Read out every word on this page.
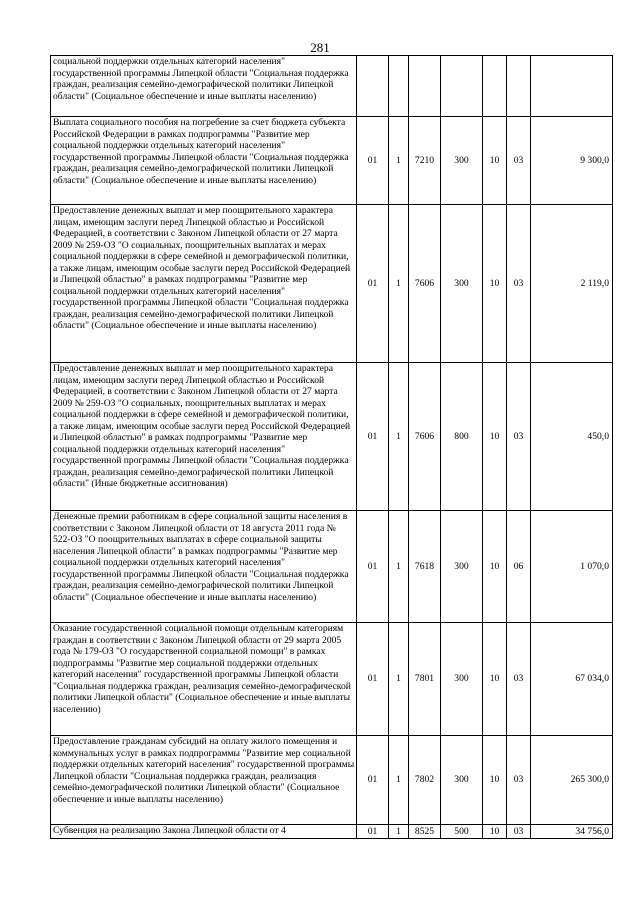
281
социальной поддержки отдельных категорий населения" государственной программы Липецкой области "Социальная поддержка граждан, реализация семейно-демографической политики Липецкой области" (Социальное обеспечение и иные выплаты населению)							
Выплата социального пособия на погребение за счет бюджета субъекта Российской Федерации в рамках подпрограммы "Развитие мер социальной поддержки отдельных категорий населения" государственной программы Липецкой области "Социальная поддержка граждан, реализация семейно-демографической политики Липецкой области" (Социальное обеспечение и иные выплаты населению)	01	1	7210	300	10	03	9 300,0
Предоставление денежных выплат и мер поощрительного характера лицам, имеющим заслуги перед Липецкой областью и Российской Федерацией, в соответствии с Законом Липецкой области от 27 марта 2009 № 259-ОЗ "О социальных, поощрительных выплатах и мерах социальной поддержки в сфере семейной и демографической политики, а также лицам, имеющим особые заслуги перед Российской Федерацией и Липецкой областью" в рамках подпрограммы "Развитие мер социальной поддержки отдельных категорий населения" государственной программы Липецкой области "Социальная поддержка граждан, реализация семейно-демографической политики Липецкой области" (Социальное обеспечение и иные выплаты населению)	01	1	7606	300	10	03	2 119,0
Предоставление денежных выплат и мер поощрительного характера лицам, имеющим заслуги перед Липецкой областью и Российской Федерацией, в соответствии с Законом Липецкой области от 27 марта 2009 № 259-ОЗ "О социальных, поощрительных выплатах и мерах социальной поддержки в сфере семейной и демографической политики, а также лицам, имеющим особые заслуги перед Российской Федерацией и Липецкой областью" в рамках подпрограммы "Развитие мер социальной поддержки отдельных категорий населения" государственной программы Липецкой области "Социальная поддержка граждан, реализация семейно-демографической политики Липецкой области" (Иные бюджетные ассигнования)	01	1	7606	800	10	03	450,0
Денежные премии работникам в сфере социальной защиты населения в соответствии с Законом Липецкой области от 18 августа 2011 года № 522-ОЗ "О поощрительных выплатах в сфере социальной защиты населения Липецкой области" в рамках подпрограммы "Развитие мер социальной поддержки отдельных категорий населения" государственной программы Липецкой области "Социальная поддержка граждан, реализация семейно-демографической политики Липецкой области" (Социальное обеспечение и иные выплаты населению)	01	1	7618	300	10	06	1 070,0
Оказание государственной социальной помощи отдельным категориям граждан в соответствии с Законом Липецкой области от 29 марта 2005 года № 179-ОЗ "О государственной социальной помощи" в рамках подпрограммы "Развитие мер социальной поддержки отдельных категорий населения" государственной программы Липецкой области "Социальная поддержка граждан, реализация семейно-демографической политики Липецкой области" (Социальное обеспечение и иные выплаты населению)	01	1	7801	300	10	03	67 034,0
Предоставление гражданам субсидий на оплату жилого помещения и коммунальных услуг в рамках подпрограммы "Развитие мер социальной поддержки отдельных категорий населения" государственной программы Липецкой области "Социальная поддержка граждан, реализация семейно-демографической политики Липецкой области" (Социальное обеспечение и иные выплаты населению)	01	1	7802	300	10	03	265 300,0
Субвенция на реализацию Закона Липецкой области от 4	01	1	8525	500	10	03	34 756,0
